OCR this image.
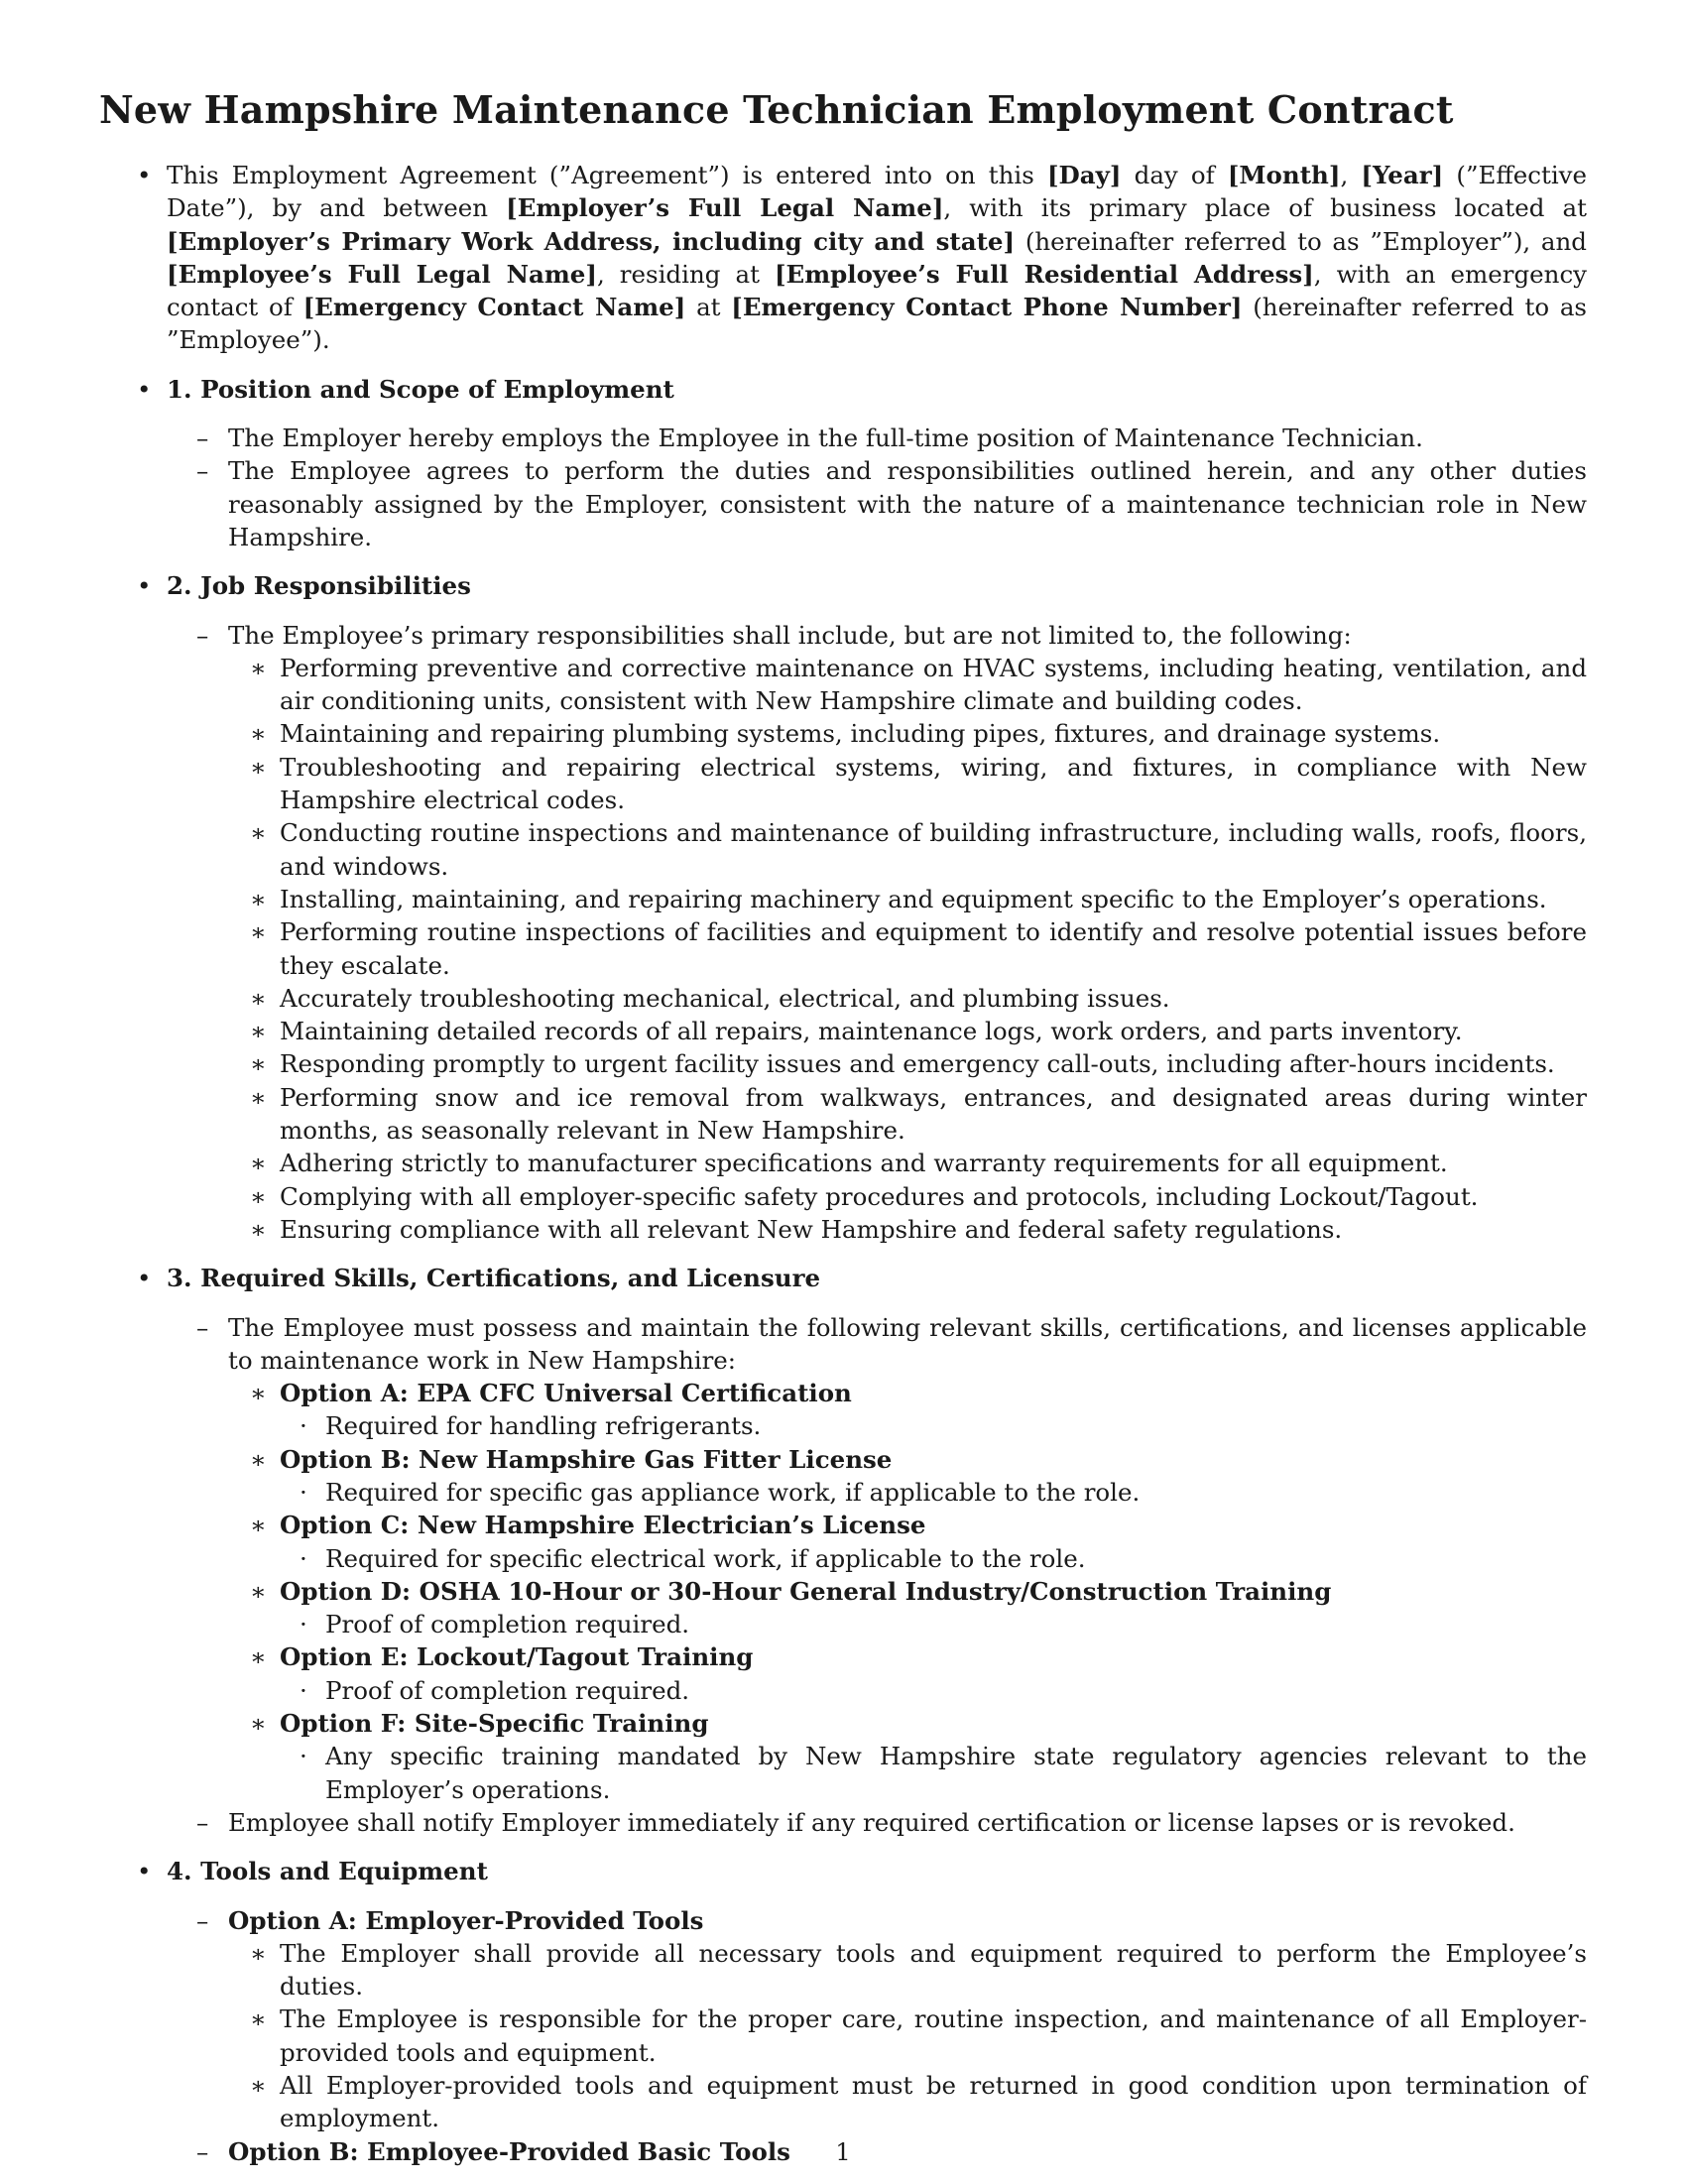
New Hampshire Maintenance Technician Employment Contract
• This Employment Agreement (”Agreement”) is entered into on this [Day] day of [Month], [Year] (”Effective Date”), by and between [Employer’s Full Legal Name], with its primary place of business located at [Employer’s Primary Work Address, including city and state] (hereinafter referred to as ”Employer”), and [Employee’s Full Legal Name], residing at [Employee’s Full Residential Address], with an emergency contact of [Emergency Contact Name] at [Emergency Contact Phone Number] (hereinafter referred to as ”Employee”).
• 1. Position and Scope of Employment
– The Employer hereby employs the Employee in the full-time position of Maintenance Technician.
– The Employee agrees to perform the duties and responsibilities outlined herein, and any other duties reasonably assigned by the Employer, consistent with the nature of a maintenance technician role in New Hampshire.
• 2. Job Responsibilities
– The Employee’s primary responsibilities shall include, but are not limited to, the following:
∗ Performing preventive and corrective maintenance on HVAC systems, including heating, ventilation, and air conditioning units, consistent with New Hampshire climate and building codes.
∗ Maintaining and repairing plumbing systems, including pipes, fixtures, and drainage systems.
∗ Troubleshooting and repairing electrical systems, wiring, and fixtures, in compliance with New Hampshire electrical codes.
∗ Conducting routine inspections and maintenance of building infrastructure, including walls, roofs, floors, and windows.
∗ Installing, maintaining, and repairing machinery and equipment specific to the Employer’s operations.
∗ Performing routine inspections of facilities and equipment to identify and resolve potential issues before they escalate.
∗ Accurately troubleshooting mechanical, electrical, and plumbing issues.
∗ Maintaining detailed records of all repairs, maintenance logs, work orders, and parts inventory.
∗ Responding promptly to urgent facility issues and emergency call-outs, including after-hours incidents.
∗ Performing snow and ice removal from walkways, entrances, and designated areas during winter months, as seasonally relevant in New Hampshire.
∗ Adhering strictly to manufacturer specifications and warranty requirements for all equipment.
∗ Complying with all employer-specific safety procedures and protocols, including Lockout/Tagout.
∗ Ensuring compliance with all relevant New Hampshire and federal safety regulations.
• 3. Required Skills, Certifications, and Licensure
– The Employee must possess and maintain the following relevant skills, certifications, and licenses applicable to maintenance work in New Hampshire:
∗ Option A: EPA CFC Universal Certification
· Required for handling refrigerants.
∗ Option B: New Hampshire Gas Fitter License
· Required for specific gas appliance work, if applicable to the role.
∗ Option C: New Hampshire Electrician’s License
· Required for specific electrical work, if applicable to the role.
∗ Option D: OSHA 10-Hour or 30-Hour General Industry/Construction Training
· Proof of completion required.
∗ Option E: Lockout/Tagout Training
· Proof of completion required.
∗ Option F: Site-Specific Training
· Any specific training mandated by New Hampshire state regulatory agencies relevant to the Employer’s operations.
– Employee shall notify Employer immediately if any required certification or license lapses or is revoked.
• 4. Tools and Equipment
– Option A: Employer-Provided Tools
∗ The Employer shall provide all necessary tools and equipment required to perform the Employee’s duties.
∗ The Employee is responsible for the proper care, routine inspection, and maintenance of all Employer-provided tools and equipment.
∗ All Employer-provided tools and equipment must be returned in good condition upon termination of employment.
– Option B: Employee-Provided Basic Tools	1
